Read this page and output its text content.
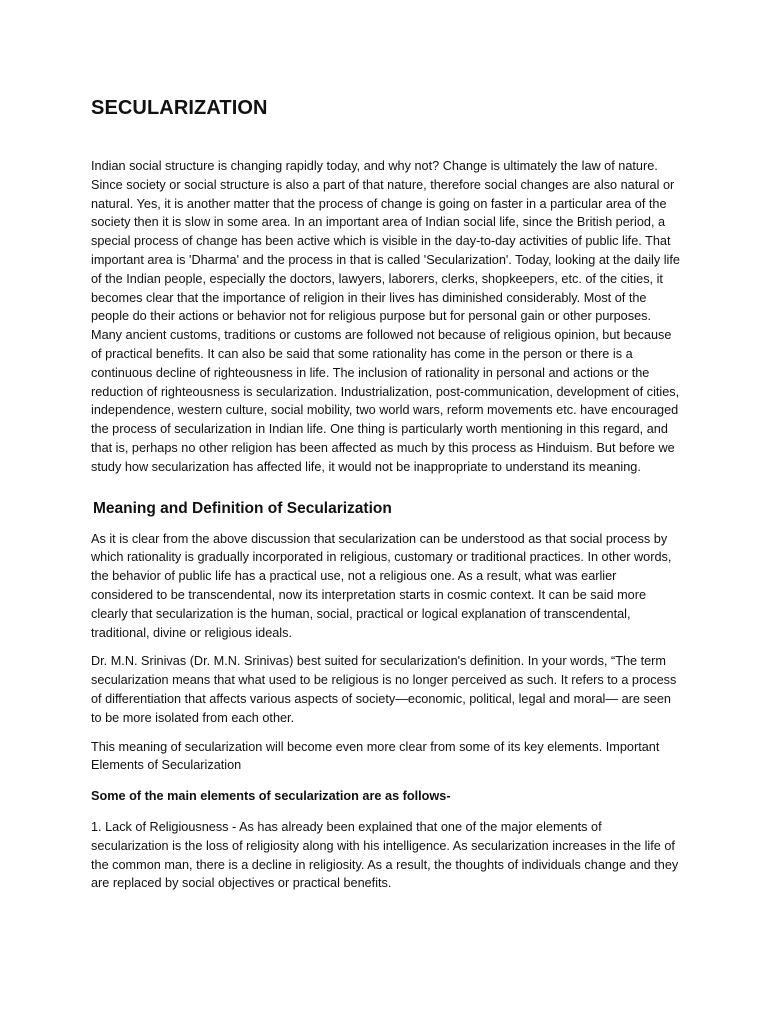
SECULARIZATION

Indian social structure is changing rapidly today, and why not? Change is ultimately the law of nature. Since society or social structure is also a part of that nature, therefore social changes are also natural or natural. Yes, it is another matter that the process of change is going on faster in a particular area of the society then it is slow in some area. In an important area of Indian social life, since the British period, a special process of change has been active which is visible in the day-to-day activities of public life. That important area is 'Dharma' and the process in that is called 'Secularization'. Today, looking at the daily life of the Indian people, especially the doctors, lawyers, laborers, clerks, shopkeepers, etc. of the cities, it becomes clear that the importance of religion in their lives has diminished considerably. Most of the people do their actions or behavior not for religious purpose but for personal gain or other purposes. Many ancient customs, traditions or customs are followed not because of religious opinion, but because of practical benefits. It can also be said that some rationality has come in the person or there is a continuous decline of righteousness in life. The inclusion of rationality in personal and actions or the reduction of righteousness is secularization. Industrialization, post-communication, development of cities, independence, western culture, social mobility, two world wars, reform movements etc. have encouraged the process of secularization in Indian life. One thing is particularly worth mentioning in this regard, and that is, perhaps no other religion has been affected as much by this process as Hinduism. But before we study how secularization has affected life, it would not be inappropriate to understand its meaning.

Meaning and Definition of Secularization

As it is clear from the above discussion that secularization can be understood as that social process by which rationality is gradually incorporated in religious, customary or traditional practices. In other words, the behavior of public life has a practical use, not a religious one. As a result, what was earlier considered to be transcendental, now its interpretation starts in cosmic context. It can be said more clearly that secularization is the human, social, practical or logical explanation of transcendental, traditional, divine or religious ideals.

Dr. M.N. Srinivas (Dr. M.N. Srinivas) best suited for secularization's definition. In your words, “The term secularization means that what used to be religious is no longer perceived as such. It refers to a process of differentiation that affects various aspects of society—economic, political, legal and moral— are seen to be more isolated from each other.

This meaning of secularization will become even more clear from some of its key elements. Important Elements of Secularization

Some of the main elements of secularization are as follows-

1. Lack of Religiousness - As has already been explained that one of the major elements of secularization is the loss of religiosity along with his intelligence. As secularization increases in the life of the common man, there is a decline in religiosity. As a result, the thoughts of individuals change and they are replaced by social objectives or practical benefits.
